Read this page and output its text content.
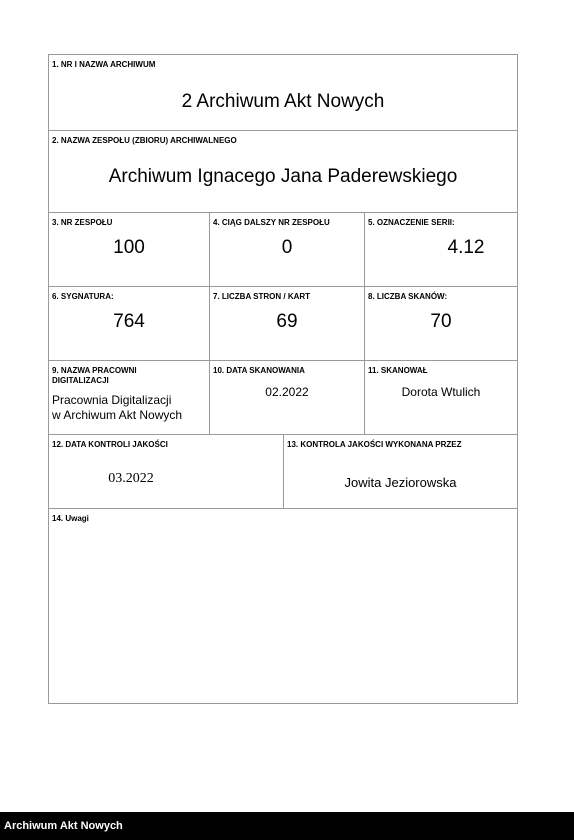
1. NR I NAZWA ARCHIWUM
2 Archiwum Akt Nowych
2. NAZWA ZESPOŁU (ZBIORU) ARCHIWALNEGO
Archiwum Ignacego Jana Paderewskiego
3. NR ZESPOŁU
100
4. CIĄG DALSZY NR ZESPOŁU
0
5. OZNACZENIE SERII:
4.12
6. SYGNATURA:
764
7. LICZBA STRON / KART
69
8. LICZBA SKANÓW:
70
9. NAZWA PRACOWNI DIGITALIZACJI
Pracownia Digitalizacji
w Archiwum Akt Nowych
10. DATA SKANOWANIA
02.2022
11. SKANOWAŁ
Dorota Wtulich
12. DATA KONTROLI JAKOŚCI
03.2022
13. KONTROLA JAKOŚCI WYKONANA PRZEZ
Jowita Jeziorowska
14. Uwagi
Archiwum Akt Nowych
